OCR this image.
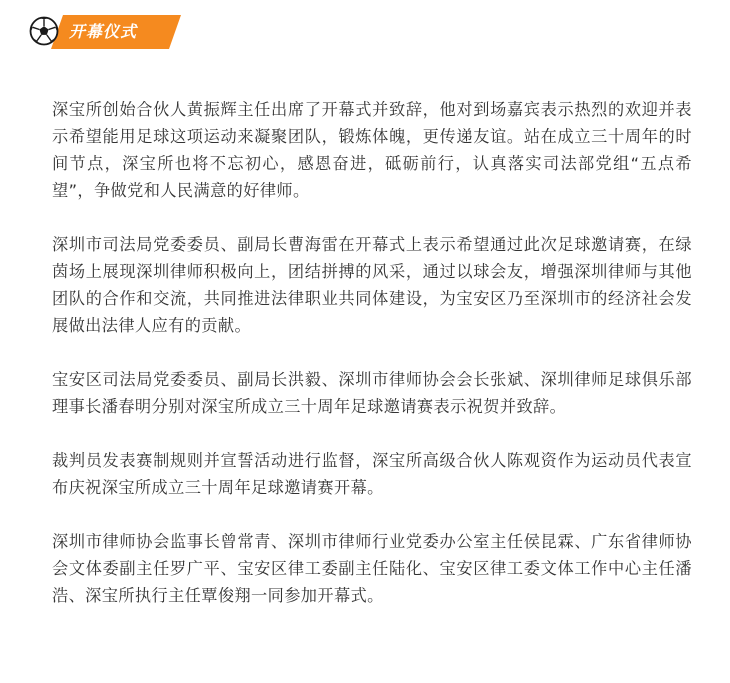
开幕仪式

深宝所创始合伙人黄振辉主任出席了开幕式并致辞，他对到场嘉宾表示热烈的欢迎并表示希望能用足球这项运动来凝聚团队，锻炼体魄，更传递友谊。站在成立三十周年的时间节点，深宝所也将不忘初心，感恩奋进，砥砺前行，认真落实司法部党组“五点希望”，争做党和人民满意的好律师。

深圳市司法局党委委员、副局长曹海雷在开幕式上表示希望通过此次足球邀请赛，在绿茵场上展现深圳律师积极向上，团结拼搏的风采，通过以球会友，增强深圳律师与其他团队的合作和交流，共同推进法律职业共同体建设，为宝安区乃至深圳市的经济社会发展做出法律人应有的贡献。

宝安区司法局党委委员、副局长洪毅、深圳市律师协会会长张斌、深圳律师足球俱乐部理事长潘春明分别对深宝所成立三十周年足球邀请赛表示祝贺并致辞。

裁判员发表赛制规则并宣誓活动进行监督，深宝所高级合伙人陈观资作为运动员代表宣布庆祝深宝所成立三十周年足球邀请赛开幕。

深圳市律师协会监事长曾常青、深圳市律师行业党委办公室主任侯昆霖、广东省律师协会文体委副主任罗广平、宝安区律工委副主任陆化、宝安区律工委文体工作中心主任潘浩、深宝所执行主任覃俊翔一同参加开幕式。
